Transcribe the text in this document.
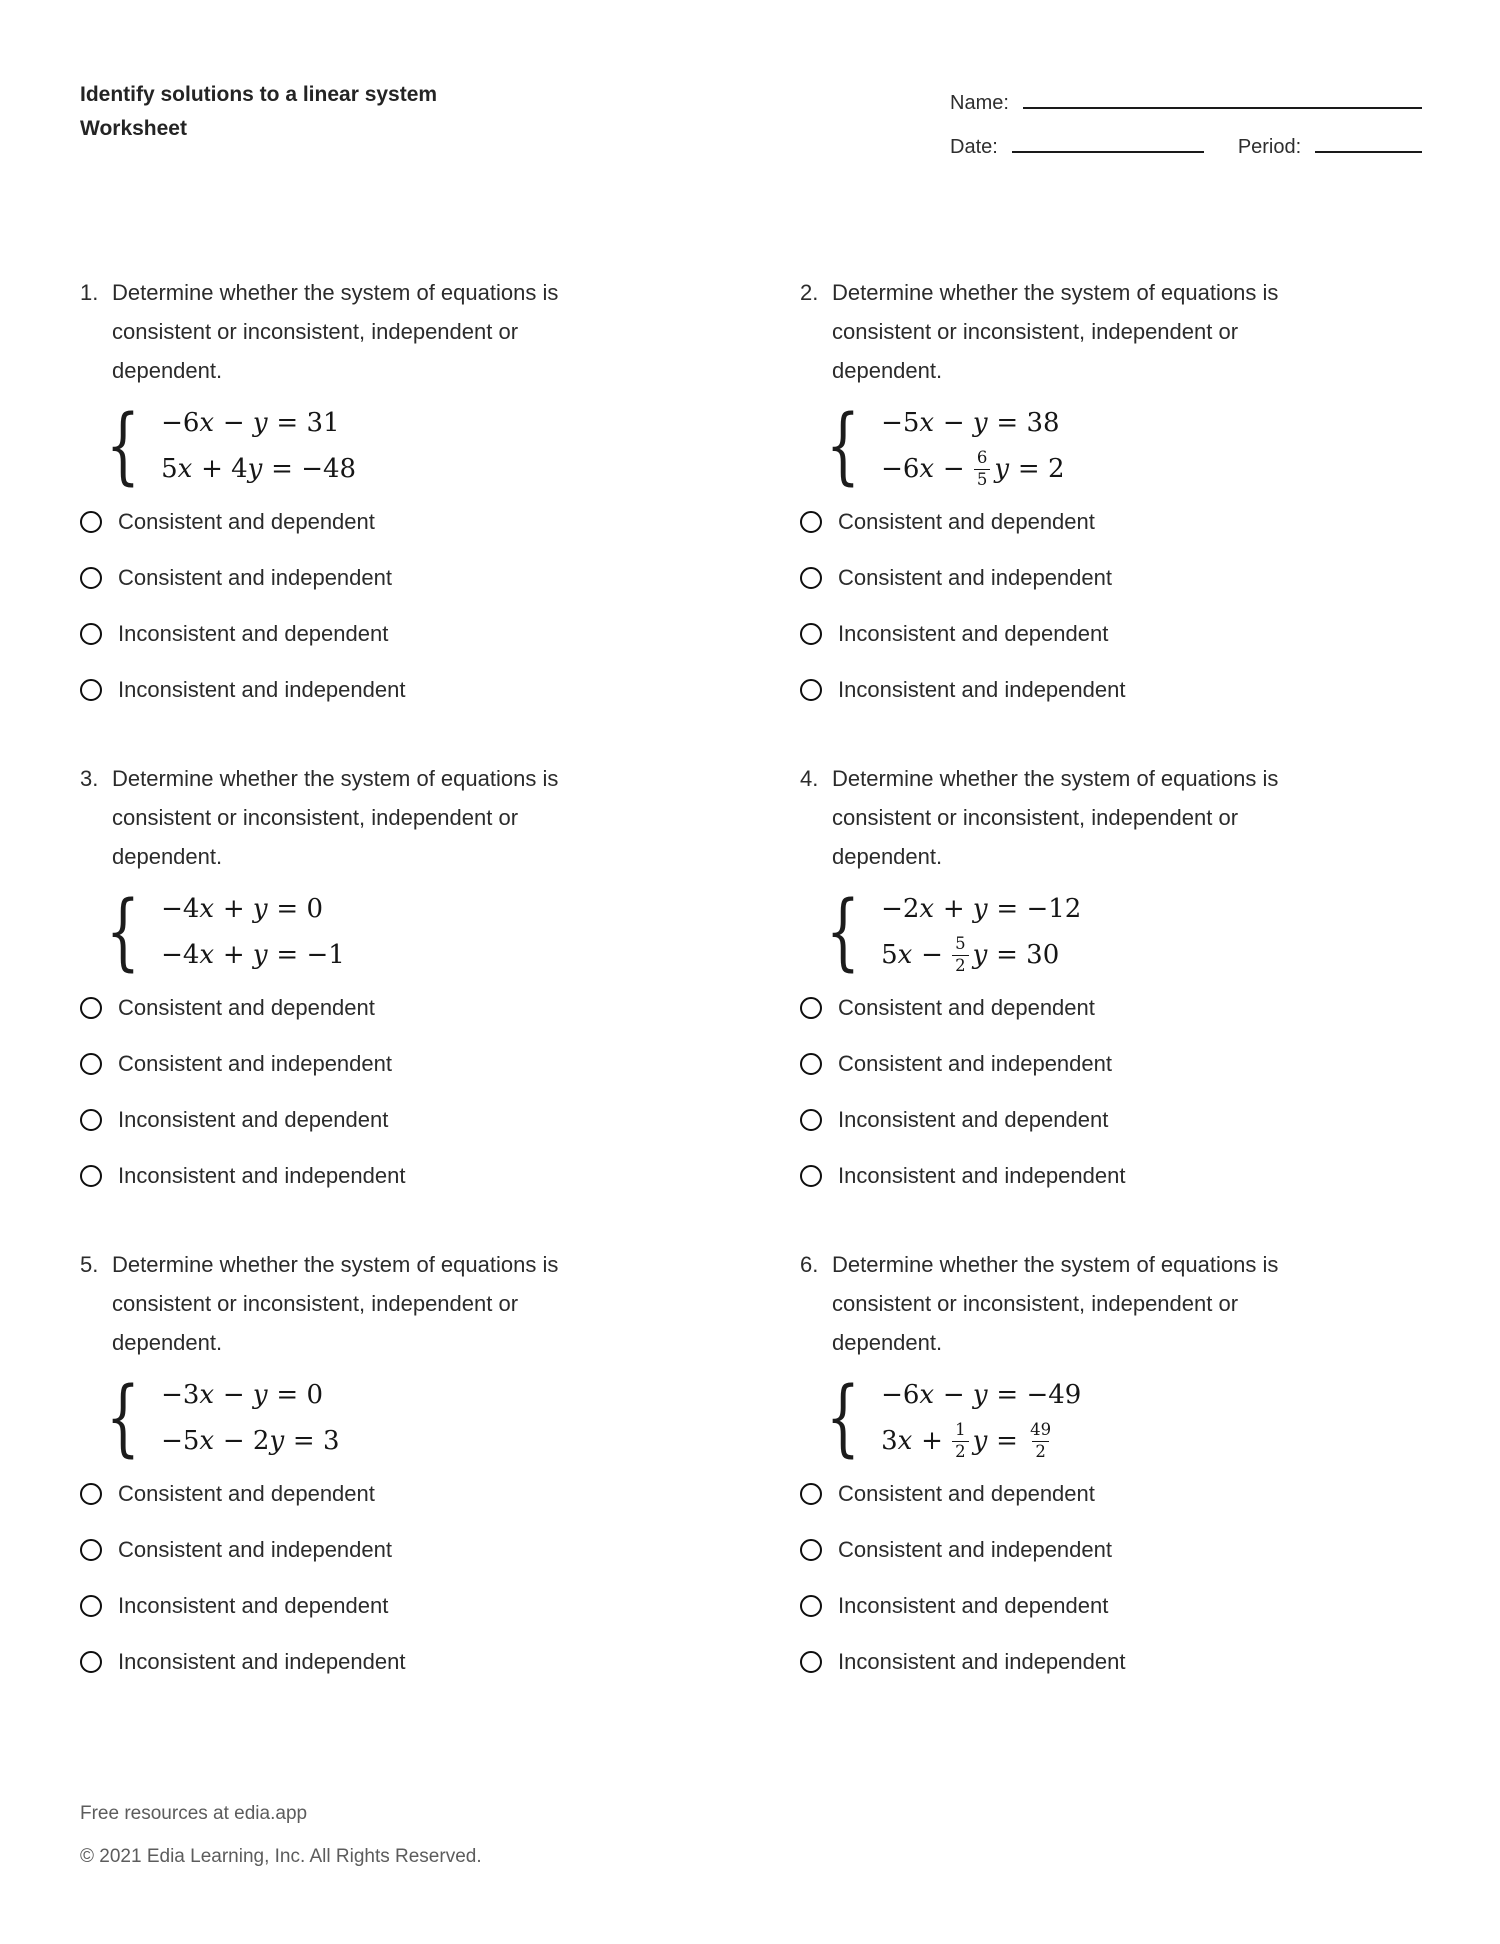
Identify solutions to a linear system
Worksheet
Name:
Date:	Period:
1. Determine whether the system of equations is consistent or inconsistent, independent or dependent.
{ −6 x − y = 31
5 x + 4 y = −48
Consistent and dependent
Consistent and independent
Inconsistent and dependent
Inconsistent and independent
2. Determine whether the system of equations is consistent or inconsistent, independent or dependent.
{ −5 x − y = 38
−6 $x - \frac{6}{5}$ y = 2
Consistent and dependent
Consistent and independent
Inconsistent and dependent
Inconsistent and independent
3. Determine whether the system of equations is consistent or inconsistent, independent or dependent.
{ −4 x + y = 0
−4 x + y = −1
Consistent and dependent
Consistent and independent
Inconsistent and dependent
Inconsistent and independent
4. Determine whether the system of equations is consistent or inconsistent, independent or dependent.
{ −2 x + y = −12
5 $x - \frac{5}{2}$ y = 30
Consistent and dependent
Consistent and independent
Inconsistent and dependent
Inconsistent and independent
5. Determine whether the system of equations is consistent or inconsistent, independent or dependent.
{ −3 x − y = 0
−5 x − 2 y = 3
Consistent and dependent
Consistent and independent
Inconsistent and dependent
Inconsistent and independent
6. Determine whether the system of equations is consistent or inconsistent, independent or dependent.
{ −6 x − y = −49
3 $x + \frac{1}{2}$ $y = \frac{49}{2}$
Consistent and dependent
Consistent and independent
Inconsistent and dependent
Inconsistent and independent
Free resources at edia.app
© 2021 Edia Learning, Inc. All Rights Reserved.
